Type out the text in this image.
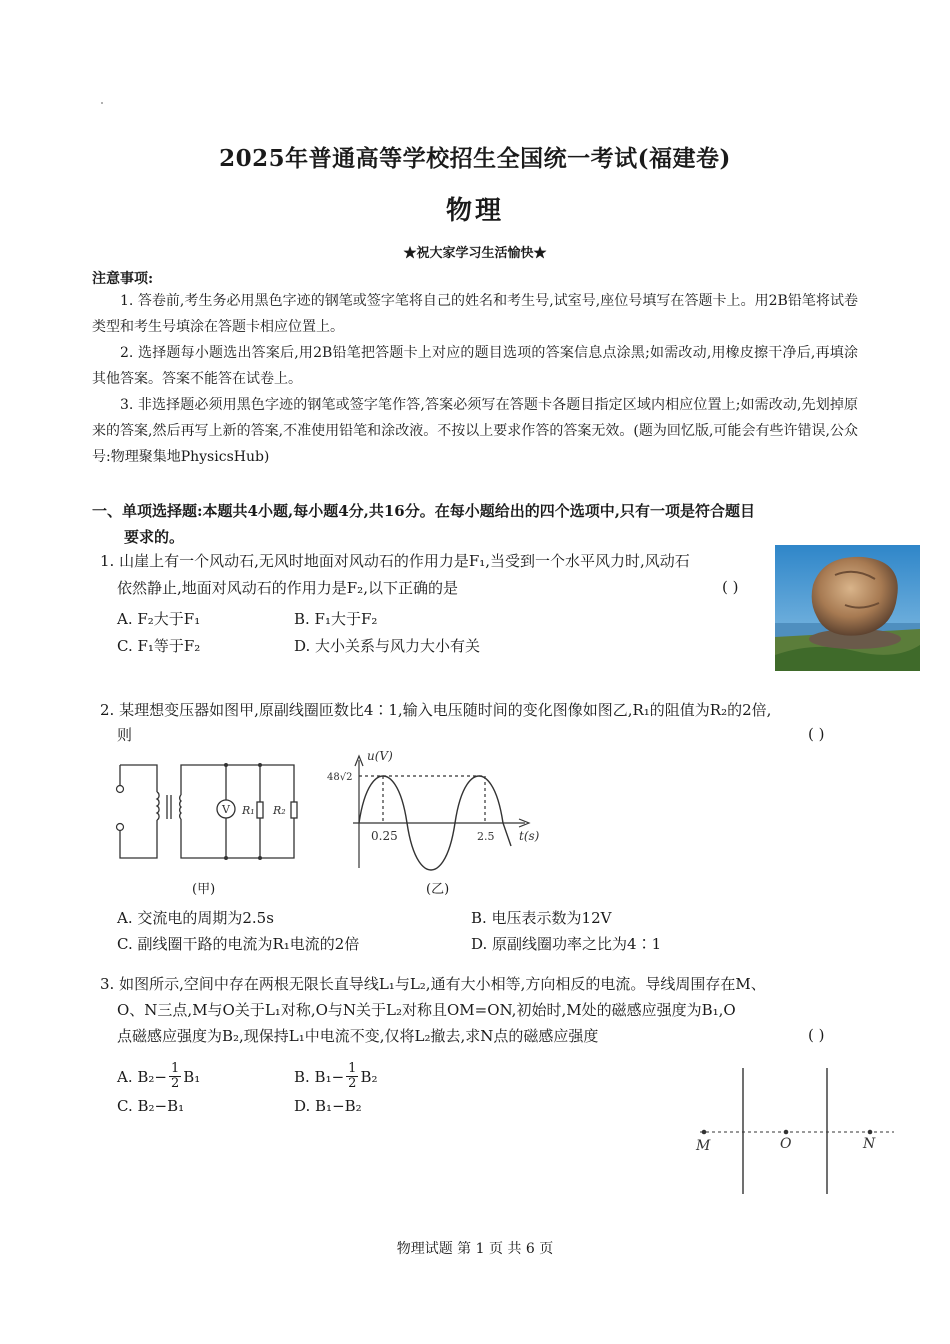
2025年普通高等学校招生全国统一考试(福建卷)
物理
★祝大家学习生活愉快★
注意事项:
1. 答卷前,考生务必用黑色字迹的钢笔或签字笔将自己的姓名和考生号,试室号,座位号填写在答题卡上。用2B铅笔将试卷类型和考生号填涂在答题卡相应位置上。
2. 选择题每小题选出答案后,用2B铅笔把答题卡上对应的题目选项的答案信息点涂黑;如需改动,用橡皮擦干净后,再填涂其他答案。答案不能答在试卷上。
3. 非选择题必须用黑色字迹的钢笔或签字笔作答,答案必须写在答题卡各题目指定区域内相应位置上;如需改动,先划掉原来的答案,然后再写上新的答案,不准使用铅笔和涂改液。不按以上要求作答的答案无效。(题为回忆版,可能会有些许错误,公众号:物理聚集地PhysicsHub)
一、单项选择题:本题共4小题,每小题4分,共16分。在每小题给出的四个选项中,只有一项是符合题目
要求的。
1. 山崖上有一个风动石,无风时地面对风动石的作用力是F₁,当受到一个水平风力时,风动石
依然静止,地面对风动石的作用力是F₂,以下正确的是	( )
A. F₂大于F₁	B. F₁大于F₂
C. F₁等于F₂	D. 大小关系与风力大小有关
2. 某理想变压器如图甲,原副线圈匝数比4∶1,输入电压随时间的变化图像如图乙,R₁的阻值为R₂的2倍,
则	( )
V R₁ R₂
(甲)
u(V)
48√2
0.25	2.5 t(s)
(乙)
A. 交流电的周期为2.5s	B. 电压表示数为12V
C. 副线圈干路的电流为R₁电流的2倍	D. 原副线圈功率之比为4∶1
3. 如图所示,空间中存在两根无限长直导线L₁与L₂,通有大小相等,方向相反的电流。导线周围存在M、
O、N三点,M与O关于L₁对称,O与N关于L₂对称且OM=ON,初始时,M处的磁感应强度为B₁,O
点磁感应强度为B₂,现保持L₁中电流不变,仅将L₂撤去,求N点的磁感应强度	( )
A. $B_2- \frac{1}{2} B_1$	B. $B_1- \frac{1}{2} B_2$
C. B₂−B₁	D. B₁−B₂
M	O	N
物理试题 第 1 页 共 6 页
